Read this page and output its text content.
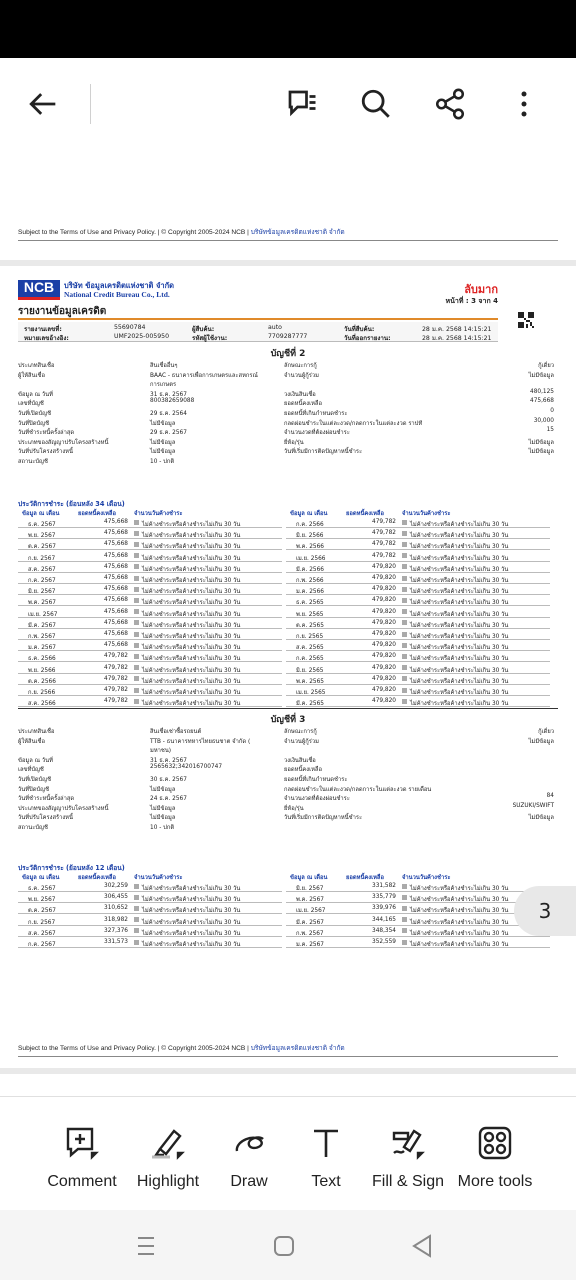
Subject to the Terms of Use and Privacy Policy. | © Copyright 2005-2024 NCB | บริษัทข้อมูลเครดิตแห่งชาติ จำกัด
NCB	บริษัท ข้อมูลเครดิตแห่งชาติ จำกัด
National Credit Bureau Co., Ltd.	ลับมาก
หน้าที่ : 3 จาก 4
รายงานข้อมูลเครดิต
รายงานเลขที่:	55690784
หมายเลขอ้างอิง:	UMF2025-005950
ผู้สืบค้น:	auto
รหัสผู้ใช้งาน:	7709287777
วันที่สืบค้น:	28 ม.ค. 2568 14:15:21
วันที่ออกรายงาน:	28 ม.ค. 2568 14:15:21
บัญชีที่ 2
ประเภทสินเชื่อ	สินเชื่ออื่นๆ
ผู้ให้สินเชื่อ	BAAC - ธนาคารเพื่อการเกษตรและสหกรณ์
การเกษตร
ข้อมูล ณ วันที่	31 ธ.ค. 2567
เลขที่บัญชี	800382659088
วันที่เปิดบัญชี	29 ธ.ค. 2564
วันที่ปิดบัญชี	ไม่มีข้อมูล
วันที่ชำระหนี้ครั้งล่าสุด	29 ธ.ค. 2567
ประเภทของสัญญาปรับโครงสร้างหนี้	ไม่มีข้อมูล
วันที่ปรับโครงสร้างหนี้	ไม่มีข้อมูล
สถานะบัญชี	10 - ปกติ
ลักษณะการกู้	กู้เดี่ยว
จำนวนผู้กู้ร่วม	ไม่มีข้อมูล
วงเงินสินเชื่อ	480,125
ยอดหนี้คงเหลือ	475,668
ยอดหนี้ที่เกินกำหนดชำระ	0
กลดผ่อนชำระในแต่ละงวด/กลดการะในแต่ละงวด ราปที	30,000
จำนวนงวดที่ต้องผ่อนชำระ	15
ยี่ห้อ/รุ่น	ไม่มีข้อมูล
วันที่เริ่มมีการติดปัญหาหนี้ชำระ	ไม่มีข้อมูล
ประวัติการชำระ (ย้อนหลัง 34 เดือน)
ข้อมูล ณ เดือน	ยอดหนี้คงเหลือ	จำนวนวันค้างชำระ
ธ.ค. 2567	475,668 ไม่ค้างชำระหรือค้างชำระไม่เกิน 30 วัน
พ.ย. 2567	475,668 ไม่ค้างชำระหรือค้างชำระไม่เกิน 30 วัน
ต.ค. 2567	475,668 ไม่ค้างชำระหรือค้างชำระไม่เกิน 30 วัน
ก.ย. 2567	475,668 ไม่ค้างชำระหรือค้างชำระไม่เกิน 30 วัน
ส.ค. 2567	475,668 ไม่ค้างชำระหรือค้างชำระไม่เกิน 30 วัน
ก.ค. 2567	475,668 ไม่ค้างชำระหรือค้างชำระไม่เกิน 30 วัน
มิ.ย. 2567	475,668 ไม่ค้างชำระหรือค้างชำระไม่เกิน 30 วัน
พ.ค. 2567	475,668 ไม่ค้างชำระหรือค้างชำระไม่เกิน 30 วัน
เม.ย. 2567	475,668 ไม่ค้างชำระหรือค้างชำระไม่เกิน 30 วัน
มี.ค. 2567	475,668 ไม่ค้างชำระหรือค้างชำระไม่เกิน 30 วัน
ก.พ. 2567	475,668 ไม่ค้างชำระหรือค้างชำระไม่เกิน 30 วัน
ม.ค. 2567	475,668 ไม่ค้างชำระหรือค้างชำระไม่เกิน 30 วัน
ธ.ค. 2566	479,782 ไม่ค้างชำระหรือค้างชำระไม่เกิน 30 วัน
พ.ย. 2566	479,782 ไม่ค้างชำระหรือค้างชำระไม่เกิน 30 วัน
ต.ค. 2566	479,782 ไม่ค้างชำระหรือค้างชำระไม่เกิน 30 วัน
ก.ย. 2566	479,782 ไม่ค้างชำระหรือค้างชำระไม่เกิน 30 วัน
ส.ค. 2566	479,782 ไม่ค้างชำระหรือค้างชำระไม่เกิน 30 วัน
ข้อมูล ณ เดือน	ยอดหนี้คงเหลือ	จำนวนวันค้างชำระ
ก.ค. 2566	479,782 ไม่ค้างชำระหรือค้างชำระไม่เกิน 30 วัน
มิ.ย. 2566	479,782 ไม่ค้างชำระหรือค้างชำระไม่เกิน 30 วัน
พ.ค. 2566	479,782 ไม่ค้างชำระหรือค้างชำระไม่เกิน 30 วัน
เม.ย. 2566	479,782 ไม่ค้างชำระหรือค้างชำระไม่เกิน 30 วัน
มี.ค. 2566	479,820 ไม่ค้างชำระหรือค้างชำระไม่เกิน 30 วัน
ก.พ. 2566	479,820 ไม่ค้างชำระหรือค้างชำระไม่เกิน 30 วัน
ม.ค. 2566	479,820 ไม่ค้างชำระหรือค้างชำระไม่เกิน 30 วัน
ธ.ค. 2565	479,820 ไม่ค้างชำระหรือค้างชำระไม่เกิน 30 วัน
พ.ย. 2565	479,820 ไม่ค้างชำระหรือค้างชำระไม่เกิน 30 วัน
ต.ค. 2565	479,820 ไม่ค้างชำระหรือค้างชำระไม่เกิน 30 วัน
ก.ย. 2565	479,820 ไม่ค้างชำระหรือค้างชำระไม่เกิน 30 วัน
ส.ค. 2565	479,820 ไม่ค้างชำระหรือค้างชำระไม่เกิน 30 วัน
ก.ค. 2565	479,820 ไม่ค้างชำระหรือค้างชำระไม่เกิน 30 วัน
มิ.ย. 2565	479,820 ไม่ค้างชำระหรือค้างชำระไม่เกิน 30 วัน
พ.ค. 2565	479,820 ไม่ค้างชำระหรือค้างชำระไม่เกิน 30 วัน
เม.ย. 2565	479,820 ไม่ค้างชำระหรือค้างชำระไม่เกิน 30 วัน
มี.ค. 2565	479,820 ไม่ค้างชำระหรือค้างชำระไม่เกิน 30 วัน
บัญชีที่ 3
ประเภทสินเชื่อ	สินเชื่อเช่าซื้อรถยนต์
ผู้ให้สินเชื่อ	TTB - ธนาคารทหารไทยธนชาต จำกัด (
มหาชน)
ข้อมูล ณ วันที่	31 ธ.ค. 2567
เลขที่บัญชี	2565632;342016700747
วันที่เปิดบัญชี	30 ธ.ค. 2567
วันที่ปิดบัญชี	ไม่มีข้อมูล
วันที่ชำระหนี้ครั้งล่าสุด	24 ธ.ค. 2567
ประเภทของสัญญาปรับโครงสร้างหนี้	ไม่มีข้อมูล
วันที่ปรับโครงสร้างหนี้	ไม่มีข้อมูล
สถานะบัญชี	10 - ปกติ
ลักษณะการกู้	กู้เดี่ยว
จำนวนผู้กู้ร่วม	ไม่มีข้อมูล
วงเงินสินเชื่อ
ยอดหนี้คงเหลือ
ยอดหนี้ที่เกินกำหนดชำระ
กลดผ่อนชำระในแต่ละงวด/กลดการะในแต่ละงวด รายเดือน
จำนวนงวดที่ต้องผ่อนชำระ	84
ยี่ห้อ/รุ่น	SUZUKI/SWIFT
วันที่เริ่มมีการติดปัญหาหนี้ชำระ	ไม่มีข้อมูล
ประวัติการชำระ (ย้อนหลัง 12 เดือน)
ข้อมูล ณ เดือน	ยอดหนี้คงเหลือ	จำนวนวันค้างชำระ
ธ.ค. 2567	302,259 ไม่ค้างชำระหรือค้างชำระไม่เกิน 30 วัน
พ.ย. 2567	306,455 ไม่ค้างชำระหรือค้างชำระไม่เกิน 30 วัน
ต.ค. 2567	310,652 ไม่ค้างชำระหรือค้างชำระไม่เกิน 30 วัน
ก.ย. 2567	318,982 ไม่ค้างชำระหรือค้างชำระไม่เกิน 30 วัน
ส.ค. 2567	327,376 ไม่ค้างชำระหรือค้างชำระไม่เกิน 30 วัน
ก.ค. 2567	331,573 ไม่ค้างชำระหรือค้างชำระไม่เกิน 30 วัน
ข้อมูล ณ เดือน	ยอดหนี้คงเหลือ	จำนวนวันค้างชำระ
มิ.ย. 2567	331,582 ไม่ค้างชำระหรือค้างชำระไม่เกิน 30 วัน
พ.ค. 2567	335,779 ไม่ค้างชำระหรือค้างชำระไม่เกิน 30 วัน
เม.ย. 2567	339,976 ไม่ค้างชำระหรือค้างชำระไม่เกิน 30 วัน
มี.ค. 2567	344,165 ไม่ค้างชำระหรือค้างชำระไม่เกิน 30 วัน
ก.พ. 2567	348,354 ไม่ค้างชำระหรือค้างชำระไม่เกิน 30 วัน
ม.ค. 2567	352,559 ไม่ค้างชำระหรือค้างชำระไม่เกิน 30 วัน
Subject to the Terms of Use and Privacy Policy. | © Copyright 2005-2024 NCB | บริษัทข้อมูลเครดิตแห่งชาติ จำกัด
3
Comment Highlight Draw	Text Fill & Sign More tools
